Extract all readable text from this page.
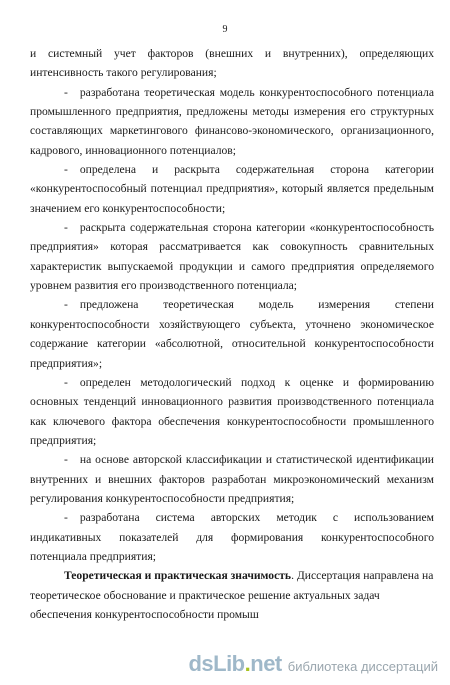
9

и системный учет факторов (внешних и внутренних), определяющих интенсивность такого регулирования;

- разработана теоретическая модель конкурентоспособного потенциала промышленного предприятия, предложены методы измерения его структурных составляющих маркетингового финансово-экономического, организационного, кадрового, инновационного потенциалов;

- определена и раскрыта содержательная сторона категории «конкурентоспособный потенциал предприятия», который является предельным значением его конкурентоспособности;

- раскрыта содержательная сторона категории «конкурентоспособность предприятия» которая рассматривается как совокупность сравнительных характеристик выпускаемой продукции и самого предприятия определяемого уровнем развития его производственного потенциала;

- предложена теоретическая модель измерения степени конкурентоспособности хозяйствующего субъекта, уточнено экономическое содержание категории «абсолютной, относительной конкурентоспособности предприятия»;

- определен методологический подход к оценке и формированию основных тенденций инновационного развития производственного потенциала как ключевого фактора обеспечения конкурентоспособности промышленного предприятия;

- на основе авторской классификации и статистической идентификации внутренних и внешних факторов разработан микроэкономический механизм регулирования конкурентоспособности предприятия;

- разработана система авторских методик с использованием индикативных показателей для формирования конкурентоспособного потенциала предприятия;

Теоретическая и практическая значимость. Диссертация направлена на теоретическое обоснование и практическое решение актуальных задач обеспечения конкурентоспособности промыш

dsLib.net библиотека диссертаций
